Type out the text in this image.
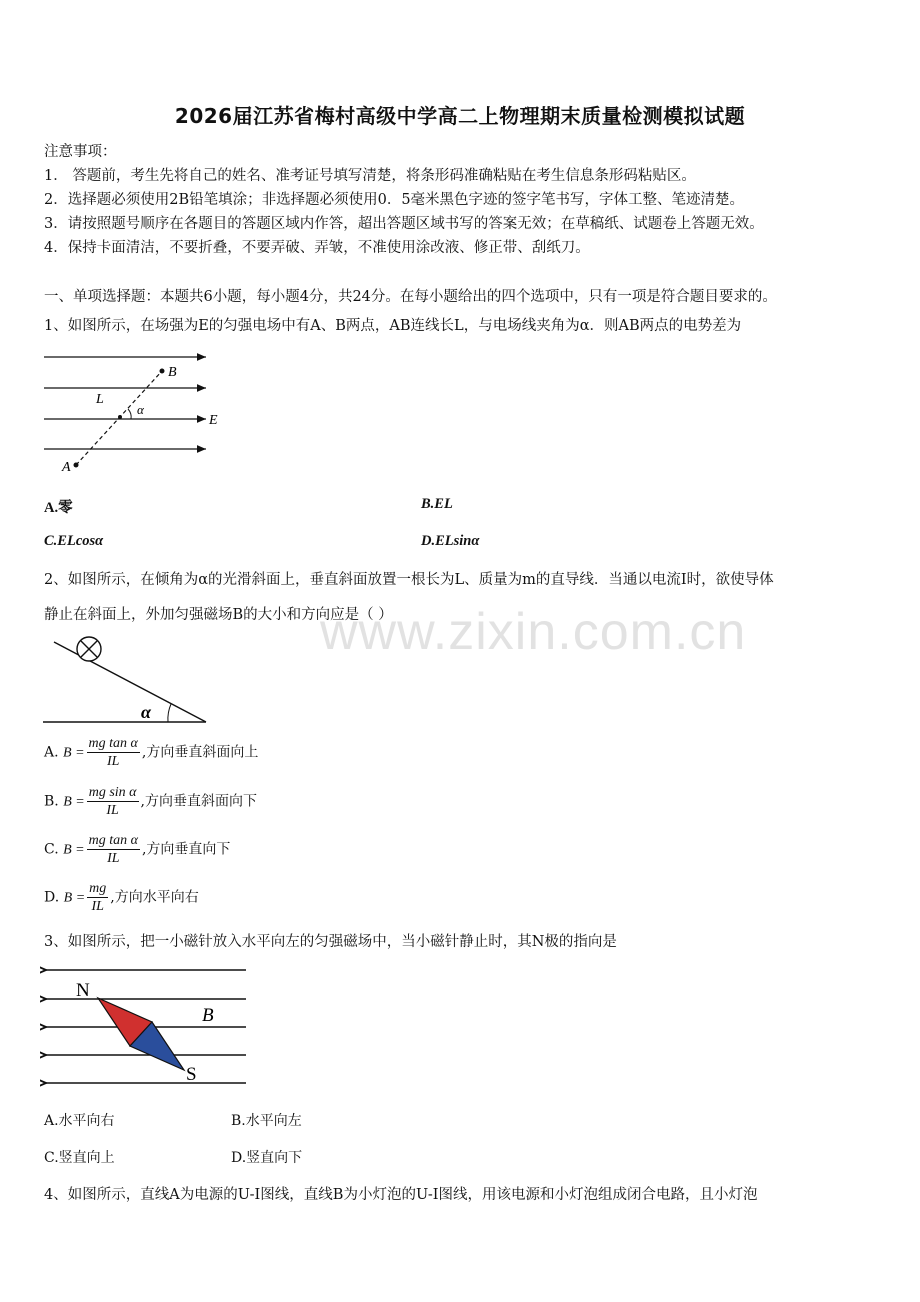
2026届江苏省梅村高级中学高二上物理期末质量检测模拟试题
注意事项：
1． 答题前，考生先将自己的姓名、准考证号填写清楚，将条形码准确粘贴在考生信息条形码粘贴区。
2．选择题必须使用2B铅笔填涂；非选择题必须使用0．5毫米黑色字迹的签字笔书写，字体工整、笔迹清楚。
3．请按照题号顺序在各题目的答题区域内作答，超出答题区域书写的答案无效；在草稿纸、试题卷上答题无效。
4．保持卡面清洁，不要折叠，不要弄破、弄皱，不准使用涂改液、修正带、刮纸刀。
一、单项选择题：本题共6小题，每小题4分，共24分。在每小题给出的四个选项中，只有一项是符合题目要求的。
1、如图所示，在场强为E的匀强电场中有A、B两点，AB连线长L，与电场线夹角为α．则AB两点的电势差为
B
L
α
E
A
A.零	B.EL
C.ELcosα	D.ELsinα
2、如图所示，在倾角为α的光滑斜面上，垂直斜面放置一根长为L、质量为m的直导线．当通以电流I时，欲使导体
静止在斜面上，外加匀强磁场B的大小和方向应是（ ）
α
A. $B = \frac{\text{mg tan α}}{IL}$ ,方向垂直斜面向上
B. $B = \frac{\text{mg sin α}}{IL}$ ,方向垂直斜面向下
C. $B = \frac{\text{mg tan α}}{IL}$ ,方向垂直向下
D. $B = \frac{mg}{IL}$ ,方向水平向右
3、如图所示，把一小磁针放入水平向左的匀强磁场中，当小磁针静止时，其N极的指向是
N
S
B
A.水平向右	B.水平向左
C.竖直向上	D.竖直向下
4、如图所示，直线A为电源的U-I图线，直线B为小灯泡的U-I图线，用该电源和小灯泡组成闭合电路，且小灯泡
www.zixin.com.cn
